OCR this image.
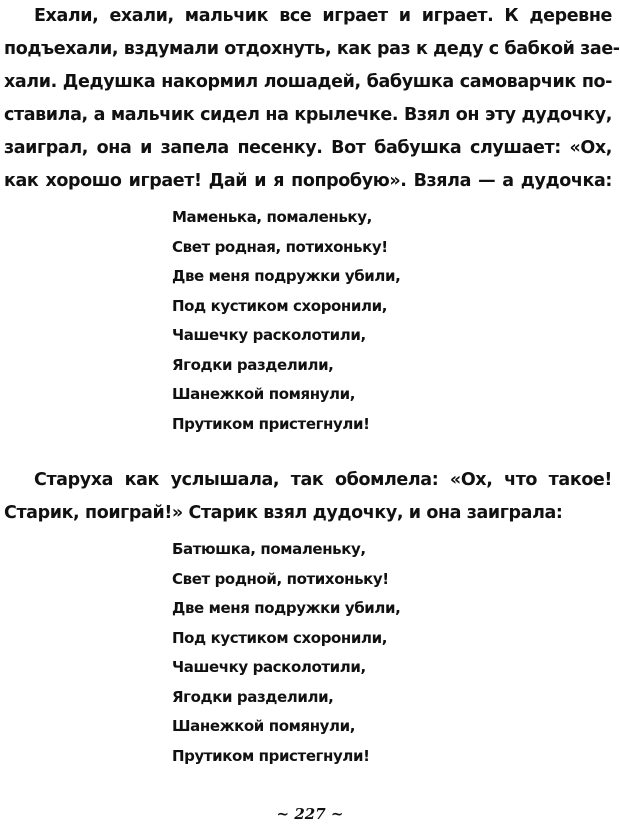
Ехали, ехали, мальчик все играет и играет. К деревне
подъехали, вздумали отдохнуть, как раз к деду с бабкой зае-
хали. Дедушка накормил лошадей, бабушка самоварчик по-
ставила, а мальчик сидел на крылечке. Взял он эту дудочку,
заиграл, она и запела песенку. Вот бабушка слушает: «Ох,
как хорошо играет! Дай и я попробую». Взяла — а дудочка:
Маменька, помаленьку,
Свет родная, потихоньку!
Две меня подружки убили,
Под кустиком схоронили,
Чашечку расколотили,
Ягодки разделили,
Шанежкой помянули,
Прутиком пристегнули!
Старуха как услышала, так обомлела: «Ох, что такое!
Старик, поиграй!» Старик взял дудочку, и она заиграла:
Батюшка, помаленьку,
Свет родной, потихоньку!
Две меня подружки убили,
Под кустиком схоронили,
Чашечку расколотили,
Ягодки разделили,
Шанежкой помянули,
Прутиком пристегнули!
~ 227 ~
